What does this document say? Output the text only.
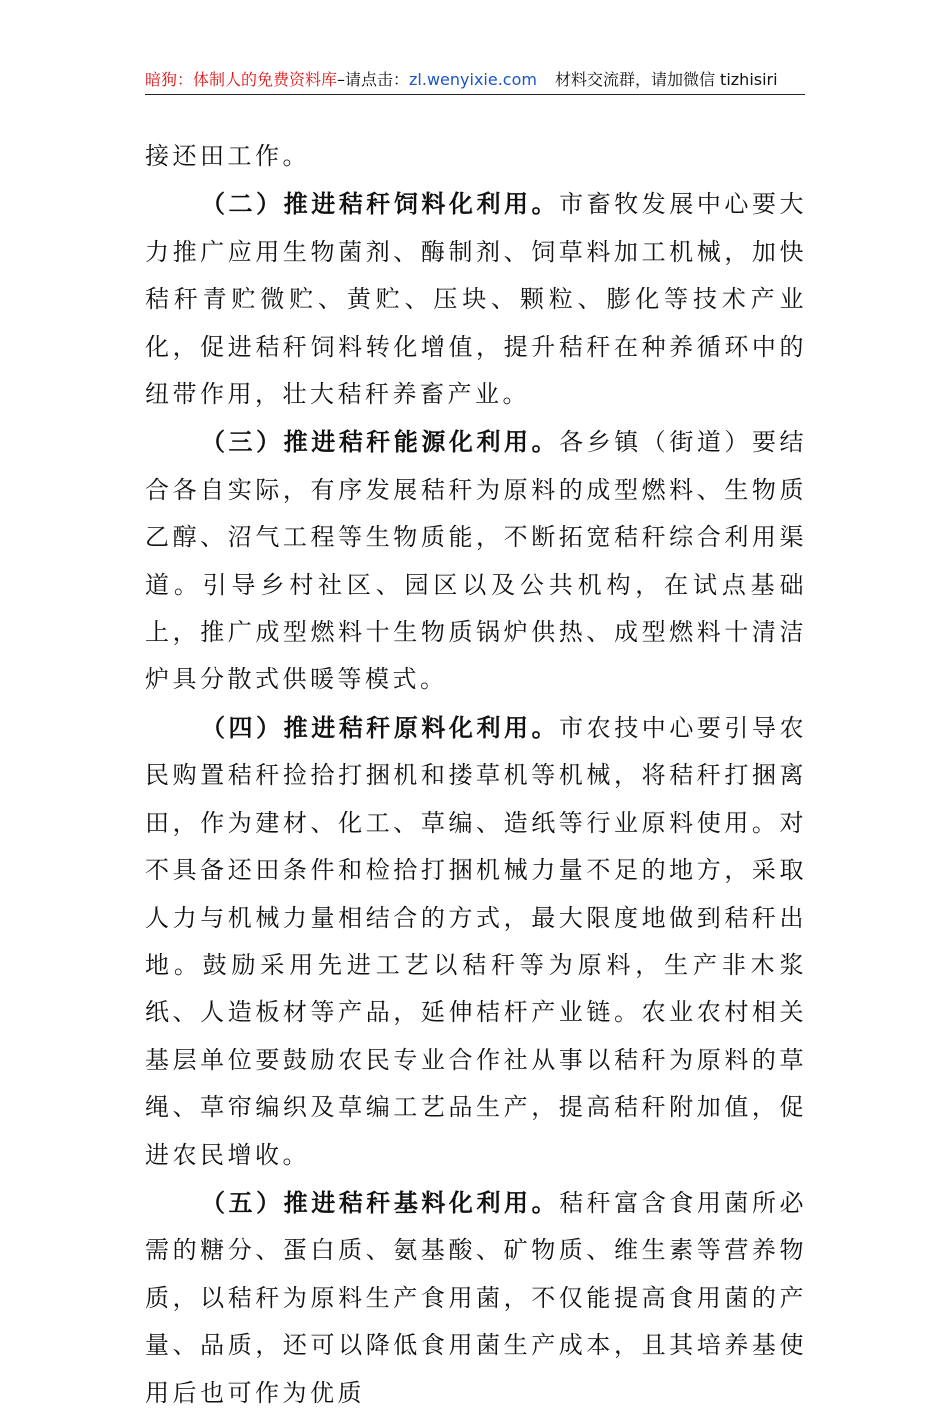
暗狗：体制人的免费资料库–请点击：zl.wenyixie.com 材料交流群，请加微信 tizhisiri

接还田工作。

（二）推进秸秆饲料化利用。市畜牧发展中心要大力推广应用生物菌剂、酶制剂、饲草料加工机械，加快秸秆青贮微贮、黄贮、压块、颗粒、膨化等技术产业化，促进秸秆饲料转化增值，提升秸秆在种养循环中的纽带作用，壮大秸秆养畜产业。

（三）推进秸秆能源化利用。各乡镇（街道）要结合各自实际，有序发展秸秆为原料的成型燃料、生物质乙醇、沼气工程等生物质能，不断拓宽秸秆综合利用渠道。引导乡村社区、园区以及公共机构，在试点基础上，推广成型燃料十生物质锅炉供热、成型燃料十清洁炉具分散式供暖等模式。

（四）推进秸秆原料化利用。市农技中心要引导农民购置秸秆捡拾打捆机和搂草机等机械，将秸秆打捆离田，作为建材、化工、草编、造纸等行业原料使用。对不具备还田条件和检拾打捆机械力量不足的地方，采取人力与机械力量相结合的方式，最大限度地做到秸秆出地。鼓励采用先进工艺以秸秆等为原料，生产非木浆纸、人造板材等产品，延伸桔杆产业链。农业农村相关基层单位要鼓励农民专业合作社从事以秸秆为原料的草绳、草帘编织及草编工艺品生产，提高秸秆附加值，促进农民增收。

（五）推进秸秆基料化利用。秸秆富含食用菌所必需的糖分、蛋白质、氨基酸、矿物质、维生素等营养物质，以秸秆为原料生产食用菌，不仅能提高食用菌的产量、品质，还可以降低食用菌生产成本，且其培养基使用后也可作为优质
